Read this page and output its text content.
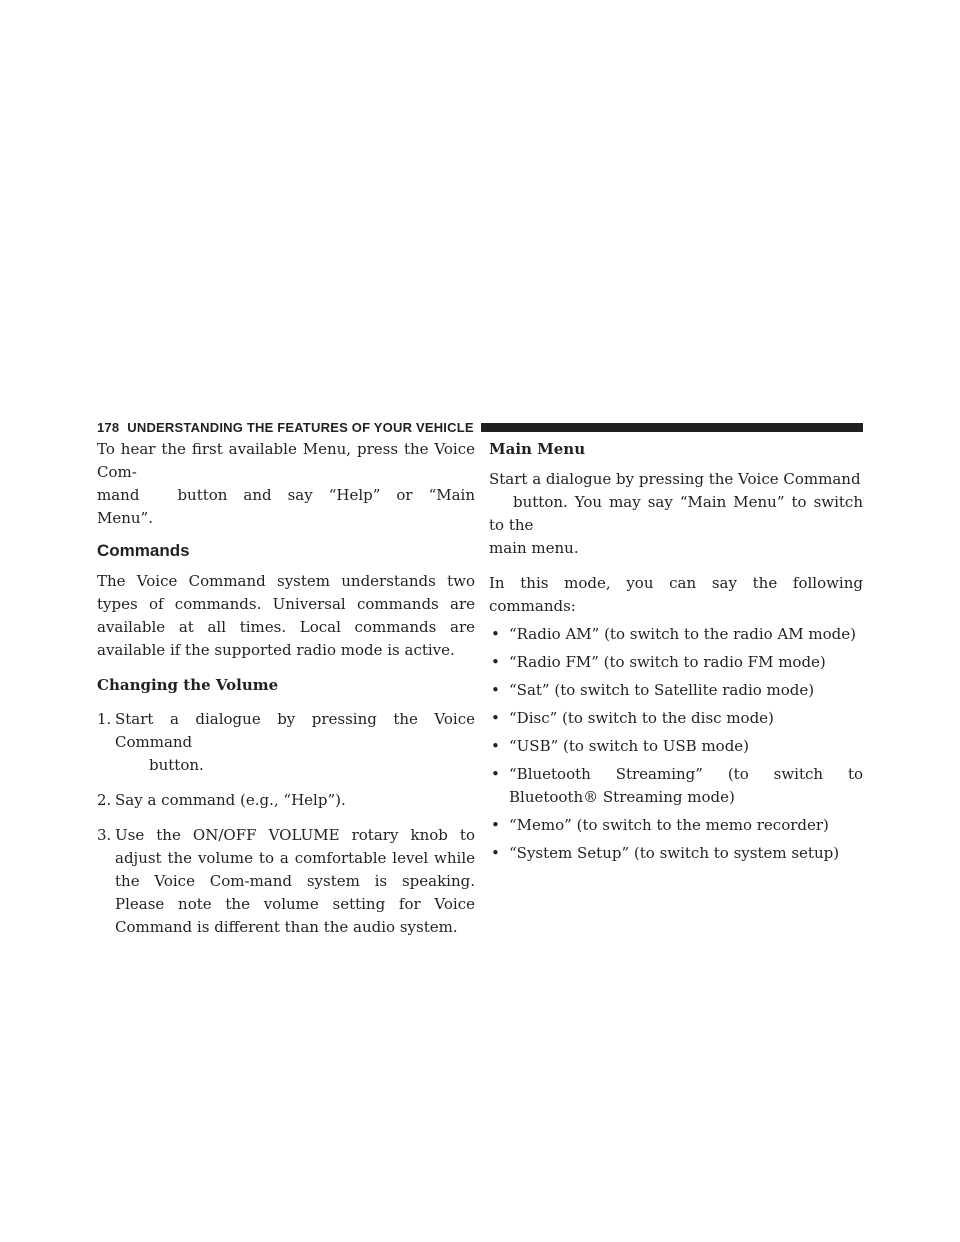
178 UNDERSTANDING THE FEATURES OF YOUR VEHICLE

To hear the first available Menu, press the Voice Com-
mand	button and say “Help” or “Main Menu”.

Commands

The Voice Command system understands two types of commands. Universal commands are available at all times. Local commands are available if the supported radio mode is active.

Changing the Volume
1. Start a dialogue by pressing the Voice Command
button.
2. Say a command (e.g., “Help”).
3. Use the ON/OFF VOLUME rotary knob to adjust the volume to a comfortable level while the Voice Com-mand system is speaking. Please note the volume setting for Voice Command is different than the audio system.
Main Menu

Start a dialogue by pressing the Voice Command
button. You may say “Main Menu” to switch to the
main menu.

In this mode, you can say the following commands:

• “Radio AM” (to switch to the radio AM mode)
• “Radio FM” (to switch to radio FM mode)
• “Sat” (to switch to Satellite radio mode)
• “Disc” (to switch to the disc mode)
• “USB” (to switch to USB mode)
• “Bluetooth Streaming” (to switch to Bluetooth® Streaming mode)
• “Memo” (to switch to the memo recorder)
• “System Setup” (to switch to system setup)
